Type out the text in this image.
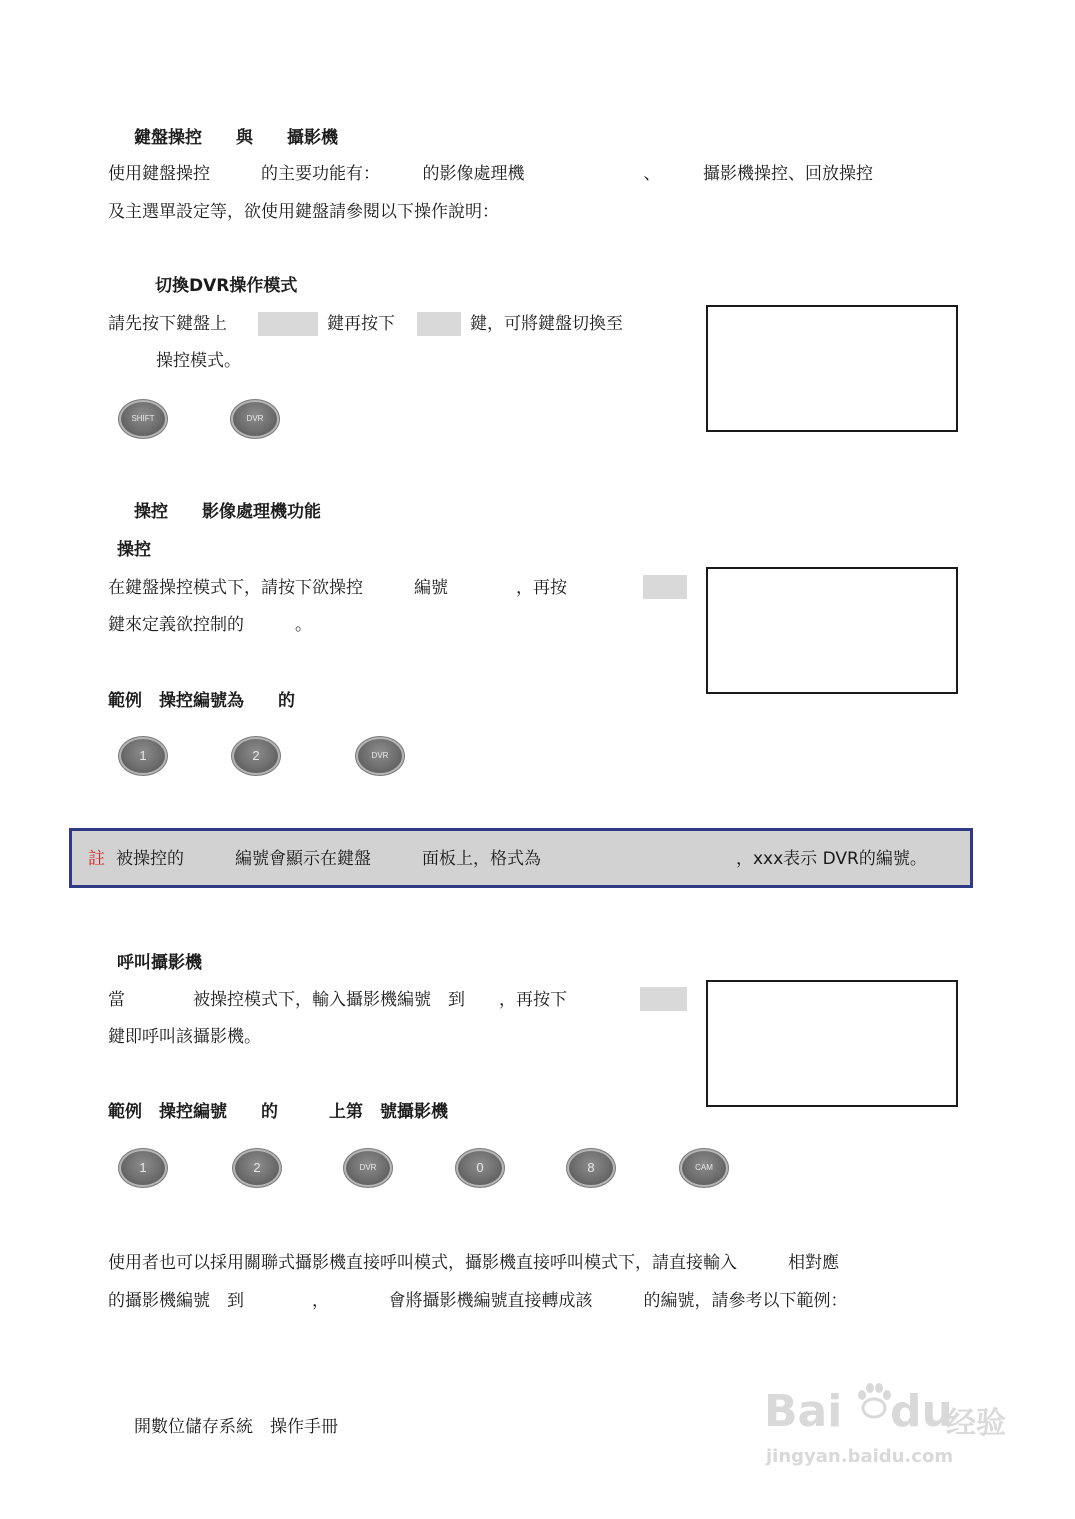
鍵盤操控　　與　　攝影機
使用鍵盤操控　　　的主要功能有：　　　的影像處理機　　　　　　　、　　　攝影機操控、回放操控
及主選單設定等，欲使用鍵盤請參閱以下操作說明：
切換DVR操作模式
請先按下鍵盤上	鍵再按下	鍵，可將鍵盤切換至
操控模式。
SHIFT	DVR
操控　　影像處理機功能
操控
在鍵盤操控模式下，請按下欲操控　　　編號　　　　，再按
鍵來定義欲控制的　　　。
範例　操控編號為　　的
1	2	DVR
註 被操控的　　　編號會顯示在鍵盤　　　面板上，格式為	，xxx表示 DVR的編號。
呼叫攝影機
當　　　　被操控模式下，輸入攝影機編號　到　　，再按下
鍵即呼叫該攝影機。
範例　操控編號　　的　　　上第　號攝影機
1	2	DVR	0	8	CAM
使用者也可以採用關聯式攝影機直接呼叫模式，攝影機直接呼叫模式下，請直接輸入　　　相對應
的攝影機編號　到　　　　，　　　　會將攝影機編號直接轉成該　　　的編號，請參考以下範例：
開數位儲存系統　操作手冊	Bai du
经验
jingyan.baidu.com
